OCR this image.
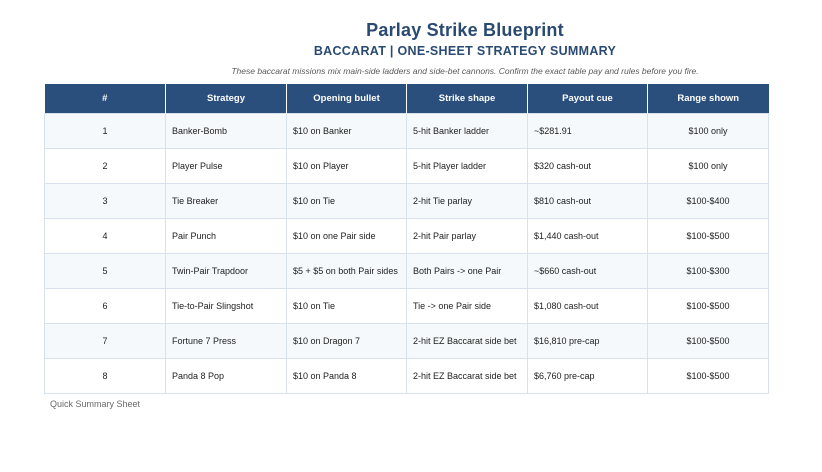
Parlay Strike Blueprint
BACCARAT | ONE-SHEET STRATEGY SUMMARY
These baccarat missions mix main-side ladders and side-bet cannons. Confirm the exact table pay and rules before you fire.
#	Strategy	Opening bullet	Strike shape	Payout cue	Range shown
1	Banker-Bomb	$10 on Banker	5-hit Banker ladder	~$281.91	$100 only
2	Player Pulse	$10 on Player	5-hit Player ladder	$320 cash-out	$100 only
3	Tie Breaker	$10 on Tie	2-hit Tie parlay	$810 cash-out	$100-$400
4	Pair Punch	$10 on one Pair side	2-hit Pair parlay	$1,440 cash-out	$100-$500
5	Twin-Pair Trapdoor	$5 + $5 on both Pair sides	Both Pairs -> one Pair	~$660 cash-out	$100-$300
6	Tie-to-Pair Slingshot	$10 on Tie	Tie -> one Pair side	$1,080 cash-out	$100-$500
7	Fortune 7 Press	$10 on Dragon 7	2-hit EZ Baccarat side bet	$16,810 pre-cap	$100-$500
8	Panda 8 Pop	$10 on Panda 8	2-hit EZ Baccarat side bet	$6,760 pre-cap	$100-$500
Quick Summary Sheet
